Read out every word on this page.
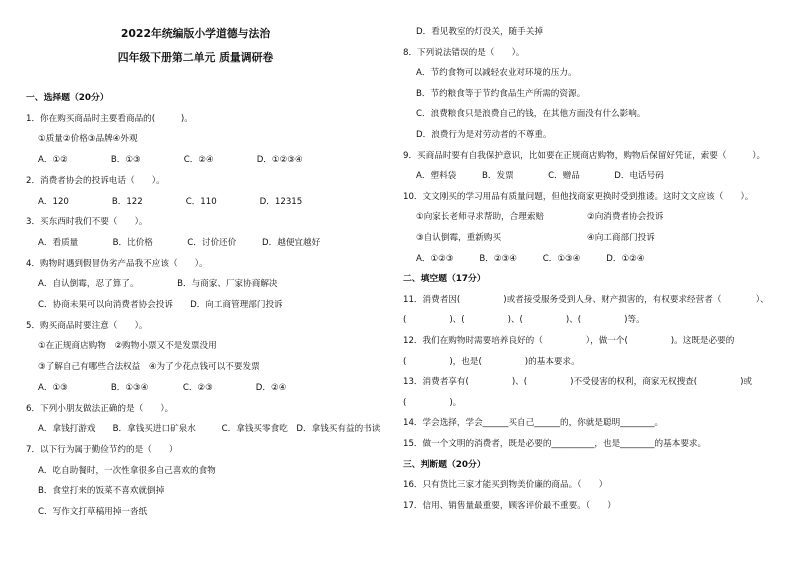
2022年统编版小学道德与法治
四年级下册第二单元 质量调研卷
一、选择题（20分）
1．你在购买商品时主要看商品的(　　　)。
①质量②价格③品牌④外观
A．①②　　　　　B．①③　　　　　C．②④　　　　　D．①②③④
2．消费者协会的投诉电话（　　）。
A．120　　　　　B．122　　　　　C．110　　　　　D．12315
3．买东西时我们不要（　　）。
A．看质量　　　　B．比价格　　　　C．讨价还价　　　D．越便宜越好
4．购物时遇到假冒伪劣产品我不应该（　　）。
A．自认倒霉，忍了算了。　　　　　B．与商家、厂家协商解决
C．协商未果可以向消费者协会投诉　　D．向工商管理部门投诉
5．购买商品时要注意（　　）。
①在正规商店购物　②购物小票又不是发票没用
③了解自己有哪些合法权益　④为了少花点钱可以不要发票
A．①③　　　　　B．①③④　　　　C．②③　　　　　D．②④
6．下列小朋友做法正确的是（　　）。
A．拿钱打游戏　　B．拿钱买进口矿泉水　　　C．拿钱买零食吃　D．拿钱买有益的书读
7．以下行为属于勤俭节约的是（　　）
A．吃自助餐时，一次性拿很多自己喜欢的食物
B．食堂打来的饭菜不喜欢就倒掉
C．写作文打草稿用掉一沓纸
D．看见教室的灯没关，随手关掉
8．下列说法错误的是（　　）。
A．节约食物可以减轻农业对环境的压力。
B．节约粮食等于节约食品生产所需的资源。
C．浪费粮食只是浪费自己的钱，在其他方面没有什么影响。
D．浪费行为是对劳动者的不尊重。
9．买商品时要有自我保护意识，比如要在正规商店购物，购物后保留好凭证，索要（　　　）。
A．塑料袋　　　B．发票　　　　C．赠品　　　　D．电话号码
10．文文刚买的学习用品有质量问题，但他找商家更换时受到推诿。这时文文应该（　　）。
①向家长老师寻求帮助，合理索赔　　　　　②向消费者协会投诉
③自认倒霉，重新购买　　　　　　　　　　④向工商部门投诉
A．①②③　　　B．②③④　　　C．①③④　　　D．①②④
二、填空题（17分）
11．消费者因(　　　　　)或者接受服务受到人身、财产损害的，有权要求经营者（　　　　）、
(　　　　　)、(　　　　　)、(　　　　　)、(　　　　　)等。
12．我们在购物时需要培养良好的（　　　　　），做一个(　　　　　)。这既是必要的
(　　　　　)，也是(　　　　　)的基本要求。
13．消费者享有(　　　　　)、(　　　　　)不受侵害的权利，商家无权搜查(　　　　　)或
(　　　　　)。
14．学会选择，学会______买自己______的，你就是聪明________。
15．做一个文明的消费者，既是必要的__________，也是________的基本要求。
三、判断题（20分）
16．只有货比三家才能买到物美价廉的商品。（　　）
17．信用、销售量最重要，顾客评价最不重要。（　　）
